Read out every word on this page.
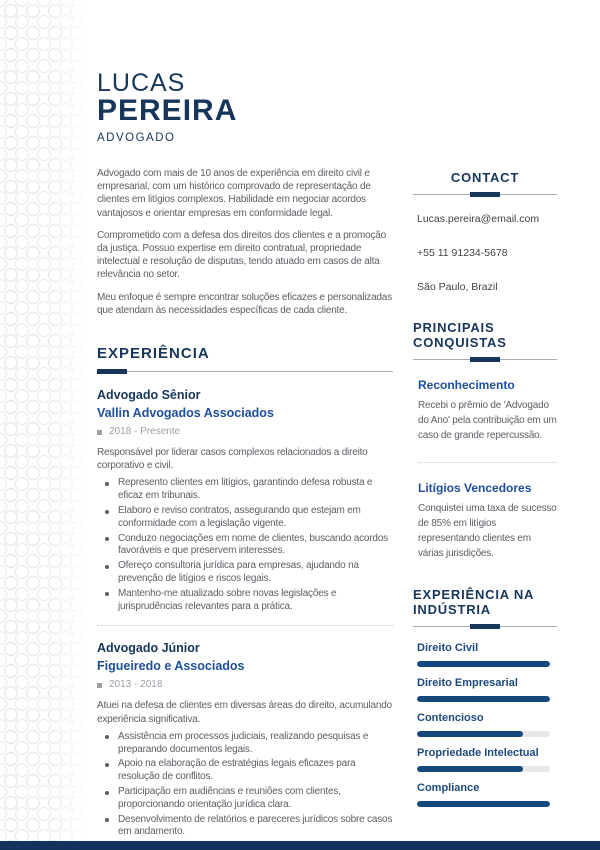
LUCAS
PEREIRA
ADVOGADO

Advogado com mais de 10 anos de experiência em direito civil e empresarial, com um histórico comprovado de representação de clientes em litígios complexos. Habilidade em negociar acordos vantajosos e orientar empresas em conformidade legal.

Comprometido com a defesa dos direitos dos clientes e a promoção da justiça. Possuo expertise em direito contratual, propriedade intelectual e resolução de disputas, tendo atuado em casos de alta relevância no setor.

Meu enfoque é sempre encontrar soluções eficazes e personalizadas que atendam às necessidades específicas de cada cliente.

EXPERIÊNCIA
Advogado Sênior
Vallin Advogados Associados
2018 - Presente
Responsável por liderar casos complexos relacionados a direito corporativo e civil.
Represento clientes em litígios, garantindo defesa robusta e eficaz em tribunais.
Elaboro e reviso contratos, assegurando que estejam em conformidade com a legislação vigente.
Conduzo negociações em nome de clientes, buscando acordos favoráveis e que preservem interesses.
Ofereço consultoria jurídica para empresas, ajudando na prevenção de litígios e riscos legais.
Mantenho-me atualizado sobre novas legislações e jurisprudências relevantes para a prática.
Advogado Júnior
Figueiredo e Associados
2013 - 2018
Atuei na defesa de clientes em diversas áreas do direito, acumulando experiência significativa.
Assistência em processos judiciais, realizando pesquisas e preparando documentos legais.
Apoio na elaboração de estratégias legais eficazes para resolução de conflitos.
Participação em audiências e reuniões com clientes, proporcionando orientação jurídica clara.
Desenvolvimento de relatórios e pareceres jurídicos sobre casos em andamento.
CONTACT
Lucas.pereira@email.com
+55 11 91234-5678
São Paulo, Brazil
PRINCIPAIS CONQUISTAS
Reconhecimento
Recebi o prêmio de 'Advogado do Ano' pela contribuição em um caso de grande repercussão.
Litígios Vencedores
Conquistei uma taxa de sucesso de 85% em litígios representando clientes em várias jurisdições.
EXPERIÊNCIA NA INDÚSTRIA
Direito Civil
Direito Empresarial
Contencioso
Propriedade Intelectual
Compliance
